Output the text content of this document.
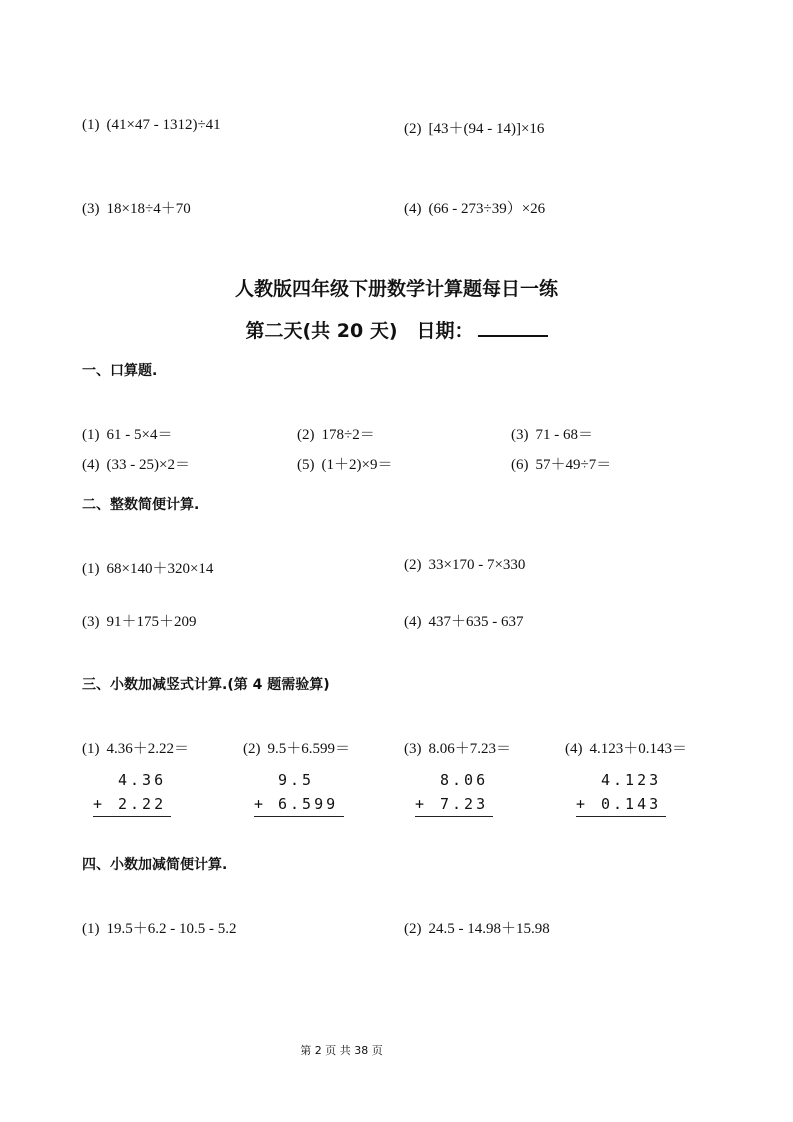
(1) (41×47 - 1312)÷41	(2) [43＋(94 - 14)]×16
(3) 18×18÷4＋70	(4) (66 - 273÷39）×26
人教版四年级下册数学计算题每日一练
第二天(共 20 天)　日期：
一、口算题.
(1) 61 - 5×4＝	(2) 178÷2＝	(3) 71 - 68＝
(4) (33 - 25)×2＝	(5) (1＋2)×9＝	(6) 57＋49÷7＝
二、整数简便计算.
(1) 68×140＋320×14	(2) 33×170 - 7×330
(3) 91＋175＋209	(4) 437＋635 - 637
三、小数加减竖式计算.(第 4 题需验算)
(1) 4.36＋2.22＝	(2) 9.5＋6.599＝	(3) 8.06＋7.23＝	(4) 4.123＋0.143＝
4.36
+ 2.22
9.5
+ 6.599
8.06
+ 7.23
4.123
+ 0.143
四、小数加减简便计算.
(1) 19.5＋6.2 - 10.5 - 5.2	(2) 24.5 - 14.98＋15.98
第 2 页 共 38 页
